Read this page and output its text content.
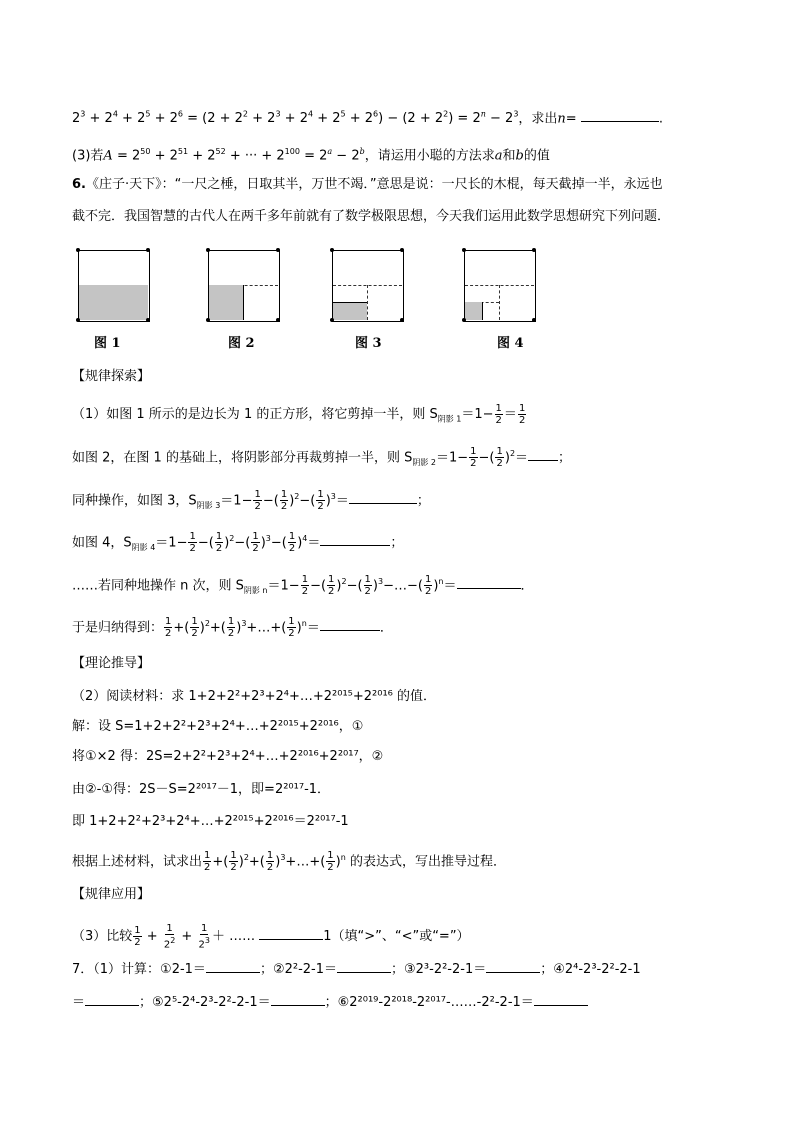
$2^3 + 2^4 + 2^5 + 2^6 = (2 + 2^2 + 2^3 + 2^4 + 2^5 + 2^6) - (2 + 2^2) = 2^n - 2^3$，求出n=	.
(3)若$A = 2^{50} + 2^{51} + 2^{52}$ + ··· + $2^{100} = 2^a - 2^b$，请运用小聪的方法求a和b的值
6.《庄子·天下》：“一尺之棰，日取其半，万世不竭．”意思是说：一尺长的木棍，每天截掉一半，永远也
截不完．我国智慧的古代人在两千多年前就有了数学极限思想，今天我们运用此数学思想研究下列问题．
图 1	图 2	图 3	图 4
【规律探索】
（1）如图 1 所示的是边长为 1 的正方形，将它剪掉一半，则 $S_{阴影 1}=1- \frac{1}{2} = \frac{1}{2}$
如图 2，在图 1 的基础上，将阴影部分再裁剪掉一半，则 $S_{阴影 2}=1- \frac{1}{2}$ −( $\frac{1}{2} )^2=$ ；
同种操作，如图 3，$S_{阴影 3}=1- \frac{1}{2}$ −( $\frac{1}{2} )^2-( \frac{1}{2} )^3=$	；
如图 4，$S_{阴影 4}=1- \frac{1}{2}$ −( $\frac{1}{2} )^2-( \frac{1}{2} )^3-( \frac{1}{2} )^4=$	；
……若同种地操作 n 次，则 $S_{阴影 n}=1- \frac{1}{2}$ −( $\frac{1}{2} )^2-( \frac{1}{2}$ )$^3-\dots-( \frac{1}{2} )^n=$	．
于是归纳得到： $\frac{1}{2}$ +( $\frac{1}{2} )^2+( \frac{1}{2}$ )$^3+\dots+( \frac{1}{2} )^n=$	．
【理论推导】
（2）阅读材料：求 1+2+2²+2³+2⁴+…+2²⁰¹⁵+2²⁰¹⁶ 的值．
解：设 S=1+2+2²+2³+2⁴+…+2²⁰¹⁵+2²⁰¹⁶，①
将①×2 得：2S=2+2²+2³+2⁴+…+2²⁰¹⁶+2²⁰¹⁷，②
由②-①得：2S－S=2²⁰¹⁷－1，即=2²⁰¹⁷-1．
即 1+2+2²+2³+2⁴+…+2²⁰¹⁵+2²⁰¹⁶＝2²⁰¹⁷-1
根据上述材料，试求出 $\frac{1}{2}$ +( $\frac{1}{2} )^2+( \frac{1}{2}$ )$^3+\dots+( \frac{1}{2} )^n$ 的表达式，写出推导过程．
【规律应用】
（3）比较 $\frac{1}{2} + \frac{1}{2^2} + \frac{1}{2^3}$ ＋ ……	1（填“>”、“<”或“=”）
7．（1）计算：①2-1＝	；②2²-2-1＝	；③2³-2²-2-1＝	；④2⁴-2³-2²-2-1
＝	；⑤2⁵-2⁴-2³-2²-2-1＝	；⑥2²⁰¹⁹-2²⁰¹⁸-2²⁰¹⁷-……-2²-2-1＝
